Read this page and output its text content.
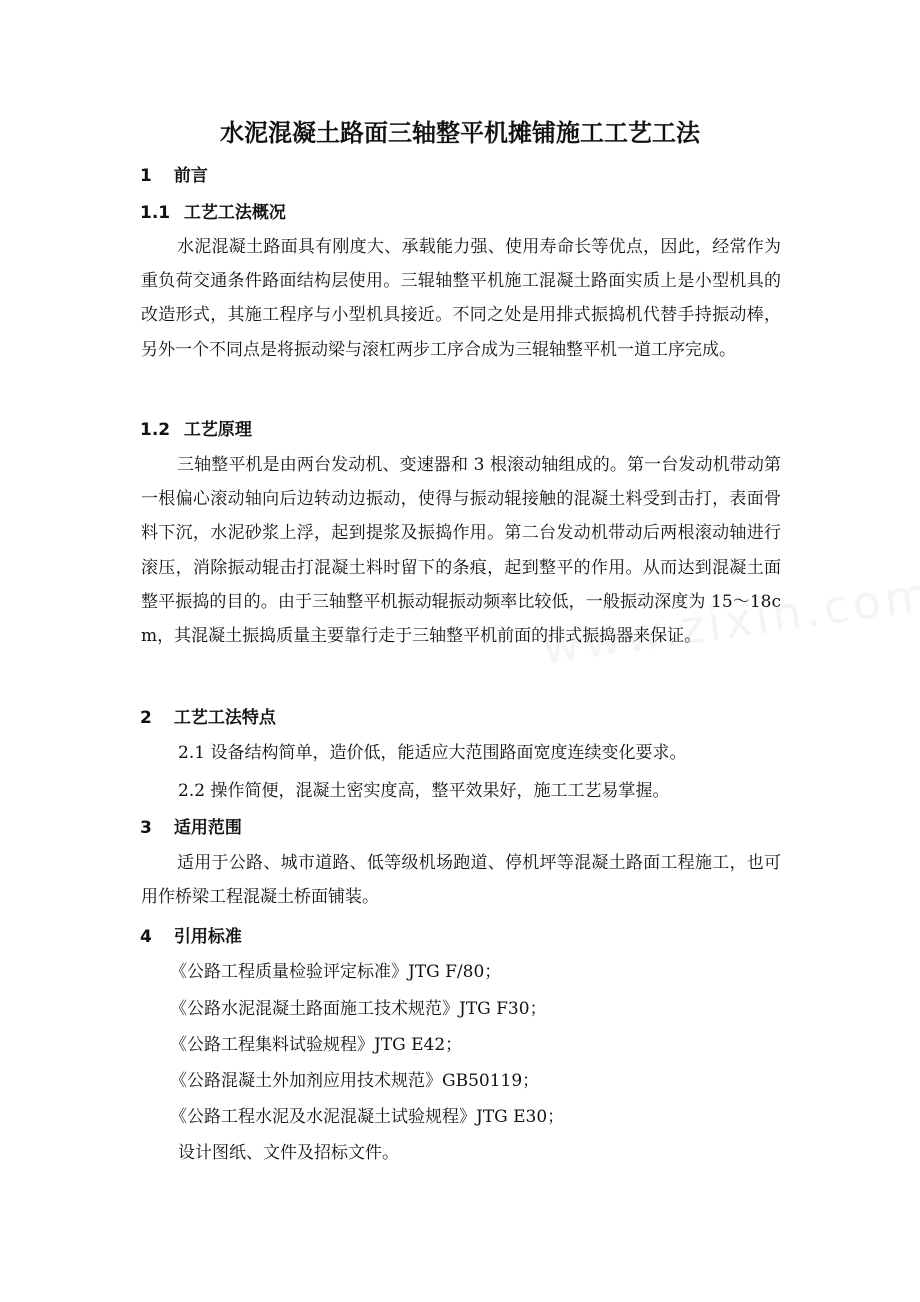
水泥混凝土路面三轴整平机摊铺施工工艺工法
1 前言
1.1 工艺工法概况

水泥混凝土路面具有刚度大、承载能力强、使用寿命长等优点，因此，经常作为重负荷交通条件路面结构层使用。三辊轴整平机施工混凝土路面实质上是小型机具的改造形式，其施工程序与小型机具接近。不同之处是用排式振捣机代替手持振动棒，另外一个不同点是将振动梁与滚杠两步工序合成为三辊轴整平机一道工序完成。

1.2 工艺原理

三轴整平机是由两台发动机、变速器和 3 根滚动轴组成的。第一台发动机带动第一根偏心滚动轴向后边转动边振动，使得与振动辊接触的混凝土料受到击打，表面骨料下沉，水泥砂浆上浮，起到提浆及振捣作用。第二台发动机带动后两根滚动轴进行滚压，消除振动辊击打混凝土料时留下的条痕，起到整平的作用。从而达到混凝土面整平振捣的目的。由于三轴整平机振动辊振动频率比较低，一般振动深度为 15～18cm，其混凝土振捣质量主要靠行走于三轴整平机前面的排式振捣器来保证。

2 工艺工法特点

2.1 设备结构简单，造价低，能适应大范围路面宽度连续变化要求。

2.2 操作简便，混凝土密实度高，整平效果好，施工工艺易掌握。

3 适用范围

适用于公路、城市道路、低等级机场跑道、停机坪等混凝土路面工程施工，也可用作桥梁工程混凝土桥面铺装。

4 引用标准

《公路工程质量检验评定标准》JTG F/80；

《公路水泥混凝土路面施工技术规范》JTG F30；

《公路工程集料试验规程》JTG E42；

《公路混凝土外加剂应用技术规范》GB50119；

《公路工程水泥及水泥混凝土试验规程》JTG E30；

设计图纸、文件及招标文件。
